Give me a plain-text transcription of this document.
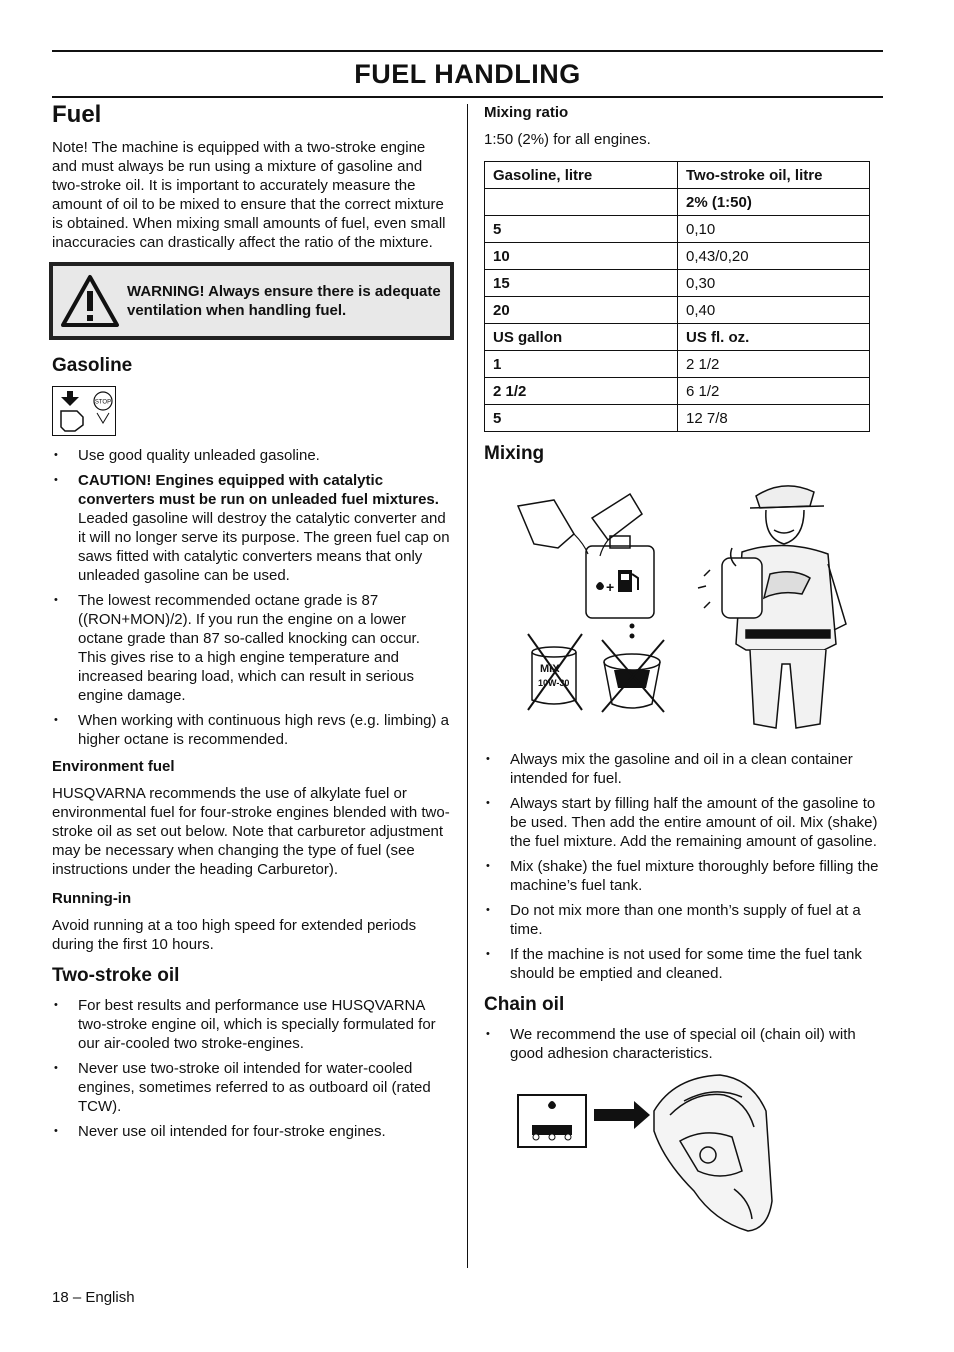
FUEL HANDLING
Fuel

Note! The machine is equipped with a two-stroke engine and must always be run using a mixture of gasoline and two-stroke oil. It is important to accurately measure the amount of oil to be mixed to ensure that the correct mixture is obtained. When mixing small amounts of fuel, even small inaccuracies can drastically affect the ratio of the mixture.

WARNING! Always ensure there is adequate ventilation when handling fuel.
Gasoline
STOP
• Use good quality unleaded gasoline.
• CAUTION! Engines equipped with catalytic converters must be run on unleaded fuel mixtures. Leaded gasoline will destroy the catalytic converter and it will no longer serve its purpose. The green fuel cap on saws fitted with catalytic converters means that only unleaded gasoline can be used.
• The lowest recommended octane grade is 87 ((RON+MON)/2). If you run the engine on a lower octane grade than 87 so-called knocking can occur. This gives rise to a high engine temperature and increased bearing load, which can result in serious engine damage.
• When working with continuous high revs (e.g. limbing) a higher octane is recommended.
Environment fuel

HUSQVARNA recommends the use of alkylate fuel or environmental fuel for four-stroke engines blended with two-stroke oil as set out below. Note that carburetor adjustment may be necessary when changing the type of fuel (see instructions under the heading Carburetor).

Running-in

Avoid running at a too high speed for extended periods during the first 10 hours.

Two-stroke oil
• For best results and performance use HUSQVARNA two-stroke engine oil, which is specially formulated for our air-cooled two stroke-engines.
• Never use two-stroke oil intended for water-cooled engines, sometimes referred to as outboard oil (rated TCW).
• Never use oil intended for four-stroke engines.
Mixing ratio

1:50 (2%) for all engines.

Gasoline, litre	Two-stroke oil, litre
	2% (1:50)
5	0,10
10	0,43/0,20
15	0,30
20	0,40
US gallon	US fl. oz.
1	2 1/2
2 1/2	6 1/2
5	12 7/8
Mixing
+
MIX
10W-30
• Always mix the gasoline and oil in a clean container intended for fuel.
• Always start by filling half the amount of the gasoline to be used. Then add the entire amount of oil. Mix (shake) the fuel mixture. Add the remaining amount of gasoline.
• Mix (shake) the fuel mixture thoroughly before filling the machine’s fuel tank.
• Do not mix more than one month’s supply of fuel at a time.
• If the machine is not used for some time the fuel tank should be emptied and cleaned.
Chain oil
• We recommend the use of special oil (chain oil) with good adhesion characteristics.
18 – English
